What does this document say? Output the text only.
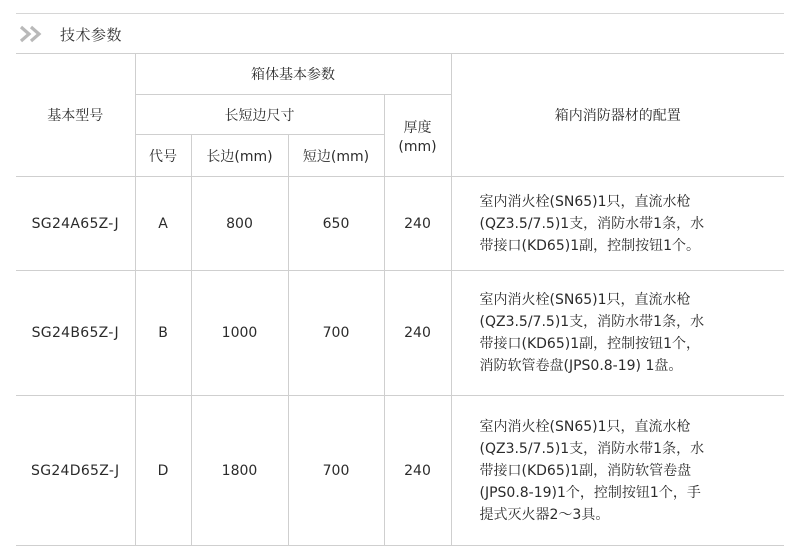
技术参数
基本型号	箱体基本参数				箱内消防器材的配置
	长短边尺寸			厚度
(mm)	

	代号	长边(mm)	短边(mm)		
SG24A65Z-J	A	800	650	240	室内消火栓(SN65)1只，直流水枪
(QZ3.5/7.5)1支，消防水带1条，水
带接口(KD65)1副，控制按钮1个。

SG24B65Z-J	B	1000	700	240	室内消火栓(SN65)1只，直流水枪
(QZ3.5/7.5)1支，消防水带1条，水
带接口(KD65)1副，控制按钮1个，
消防软管卷盘(JPS0.8-19) 1盘。

SG24D65Z-J	D	1800	700	240	室内消火栓(SN65)1只，直流水枪
(QZ3.5/7.5)1支，消防水带1条，水
带接口(KD65)1副，消防软管卷盘
(JPS0.8-19)1个，控制按钮1个，手
提式灭火器2～3具。
